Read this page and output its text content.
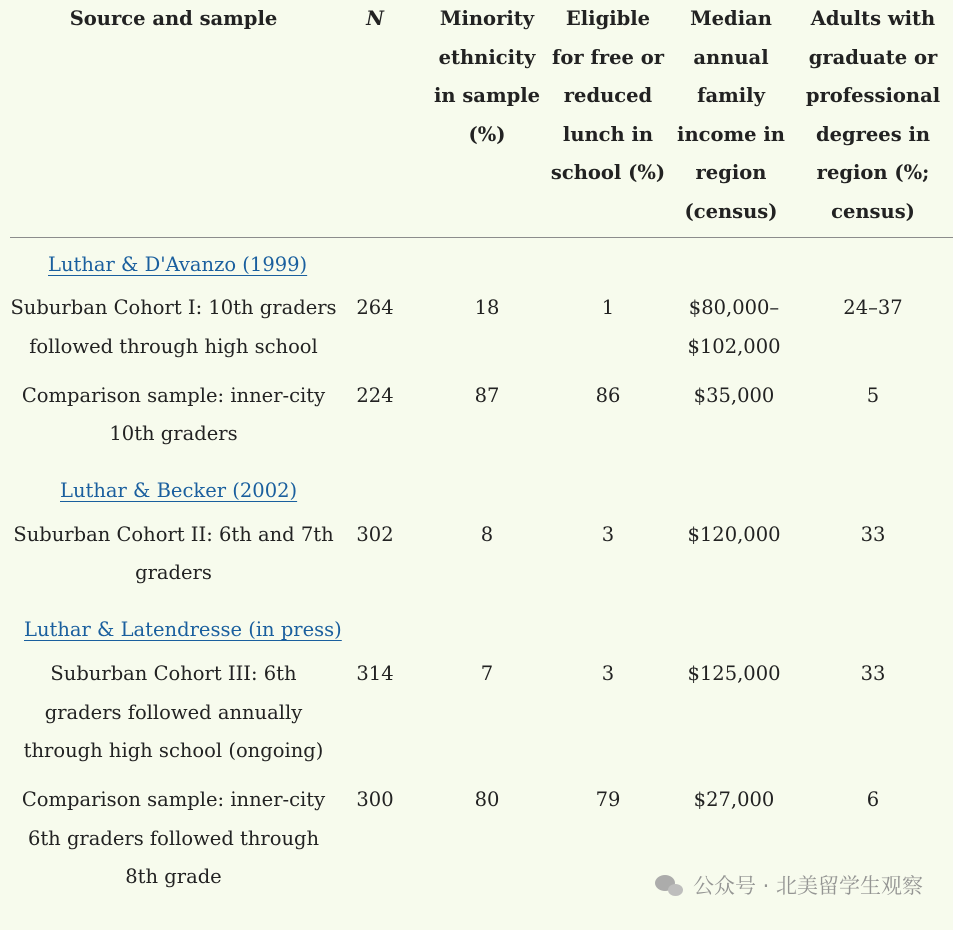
Source and sample	N	Minority ethnicity in sample (%)	Eligible for free or reduced lunch in school (%)	Median annual family income in region (census)	Adults with graduate or professional degrees in region (%; census)
Luthar & D'Avanzo (1999)					
Suburban Cohort I: 10th graders followed through high school	264	18	1	$80,000–$102,000	24–37
Comparison sample: inner-city 10th graders	224	87	86	$35,000	5
Luthar & Becker (2002)					
Suburban Cohort II: 6th and 7th graders	302	8	3	$120,000	33
Luthar & Latendresse (in press)					
Suburban Cohort III: 6th graders followed annually through high school (ongoing)	314	7	3	$125,000	33
Comparison sample: inner-city 6th graders followed through 8th grade	300	80	79	$27,000	6
公众号 · 北美留学生观察
